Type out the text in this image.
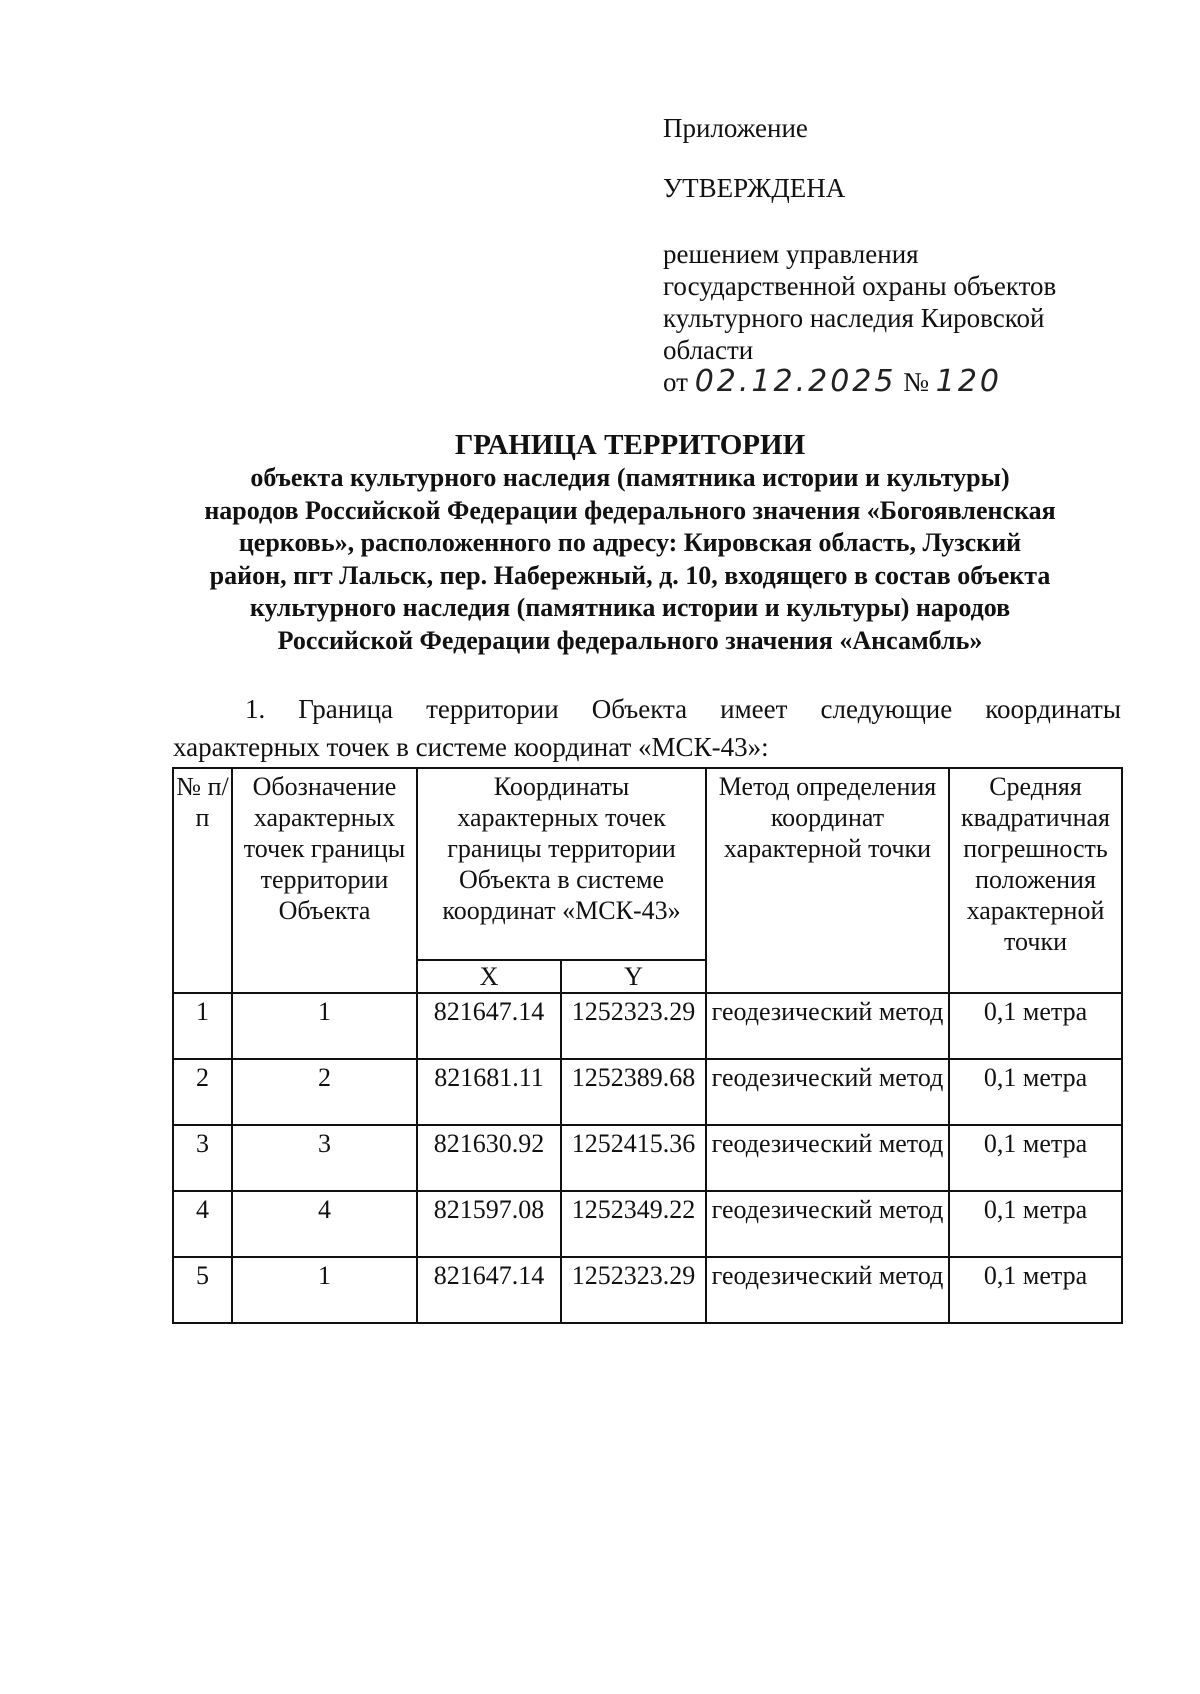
Приложение
УТВЕРЖДЕНА
решением управления
государственной охраны объектов
культурного наследия Кировской
области
от 02.12.2025 № 120
ГРАНИЦА ТЕРРИТОРИИ
объекта культурного наследия (памятника истории и культуры)
народов Российской Федерации федерального значения «Богоявленская
церковь», расположенного по адресу: Кировская область, Лузский
район, пгт Лальск, пер. Набережный, д. 10, входящего в состав объекта
культурного наследия (памятника истории и культуры) народов
Российской Федерации федерального значения «Ансамбль»
1. Граница территории Объекта имеет следующие координаты
характерных точек в системе координат «МСК-43»:
№ п/п	Обозначение характерных точек границы территории Объекта	Координаты характерных точек границы территории Объекта в системе координат «МСК-43»		Метод определения координат характерной точки	Средняя квадратичная погрешность положения характерной точки
		X	Y		
1	1	821647.14	1252323.29	геодезический метод	0,1 метра
2	2	821681.11	1252389.68	геодезический метод	0,1 метра
3	3	821630.92	1252415.36	геодезический метод	0,1 метра
4	4	821597.08	1252349.22	геодезический метод	0,1 метра
5	1	821647.14	1252323.29	геодезический метод	0,1 метра
